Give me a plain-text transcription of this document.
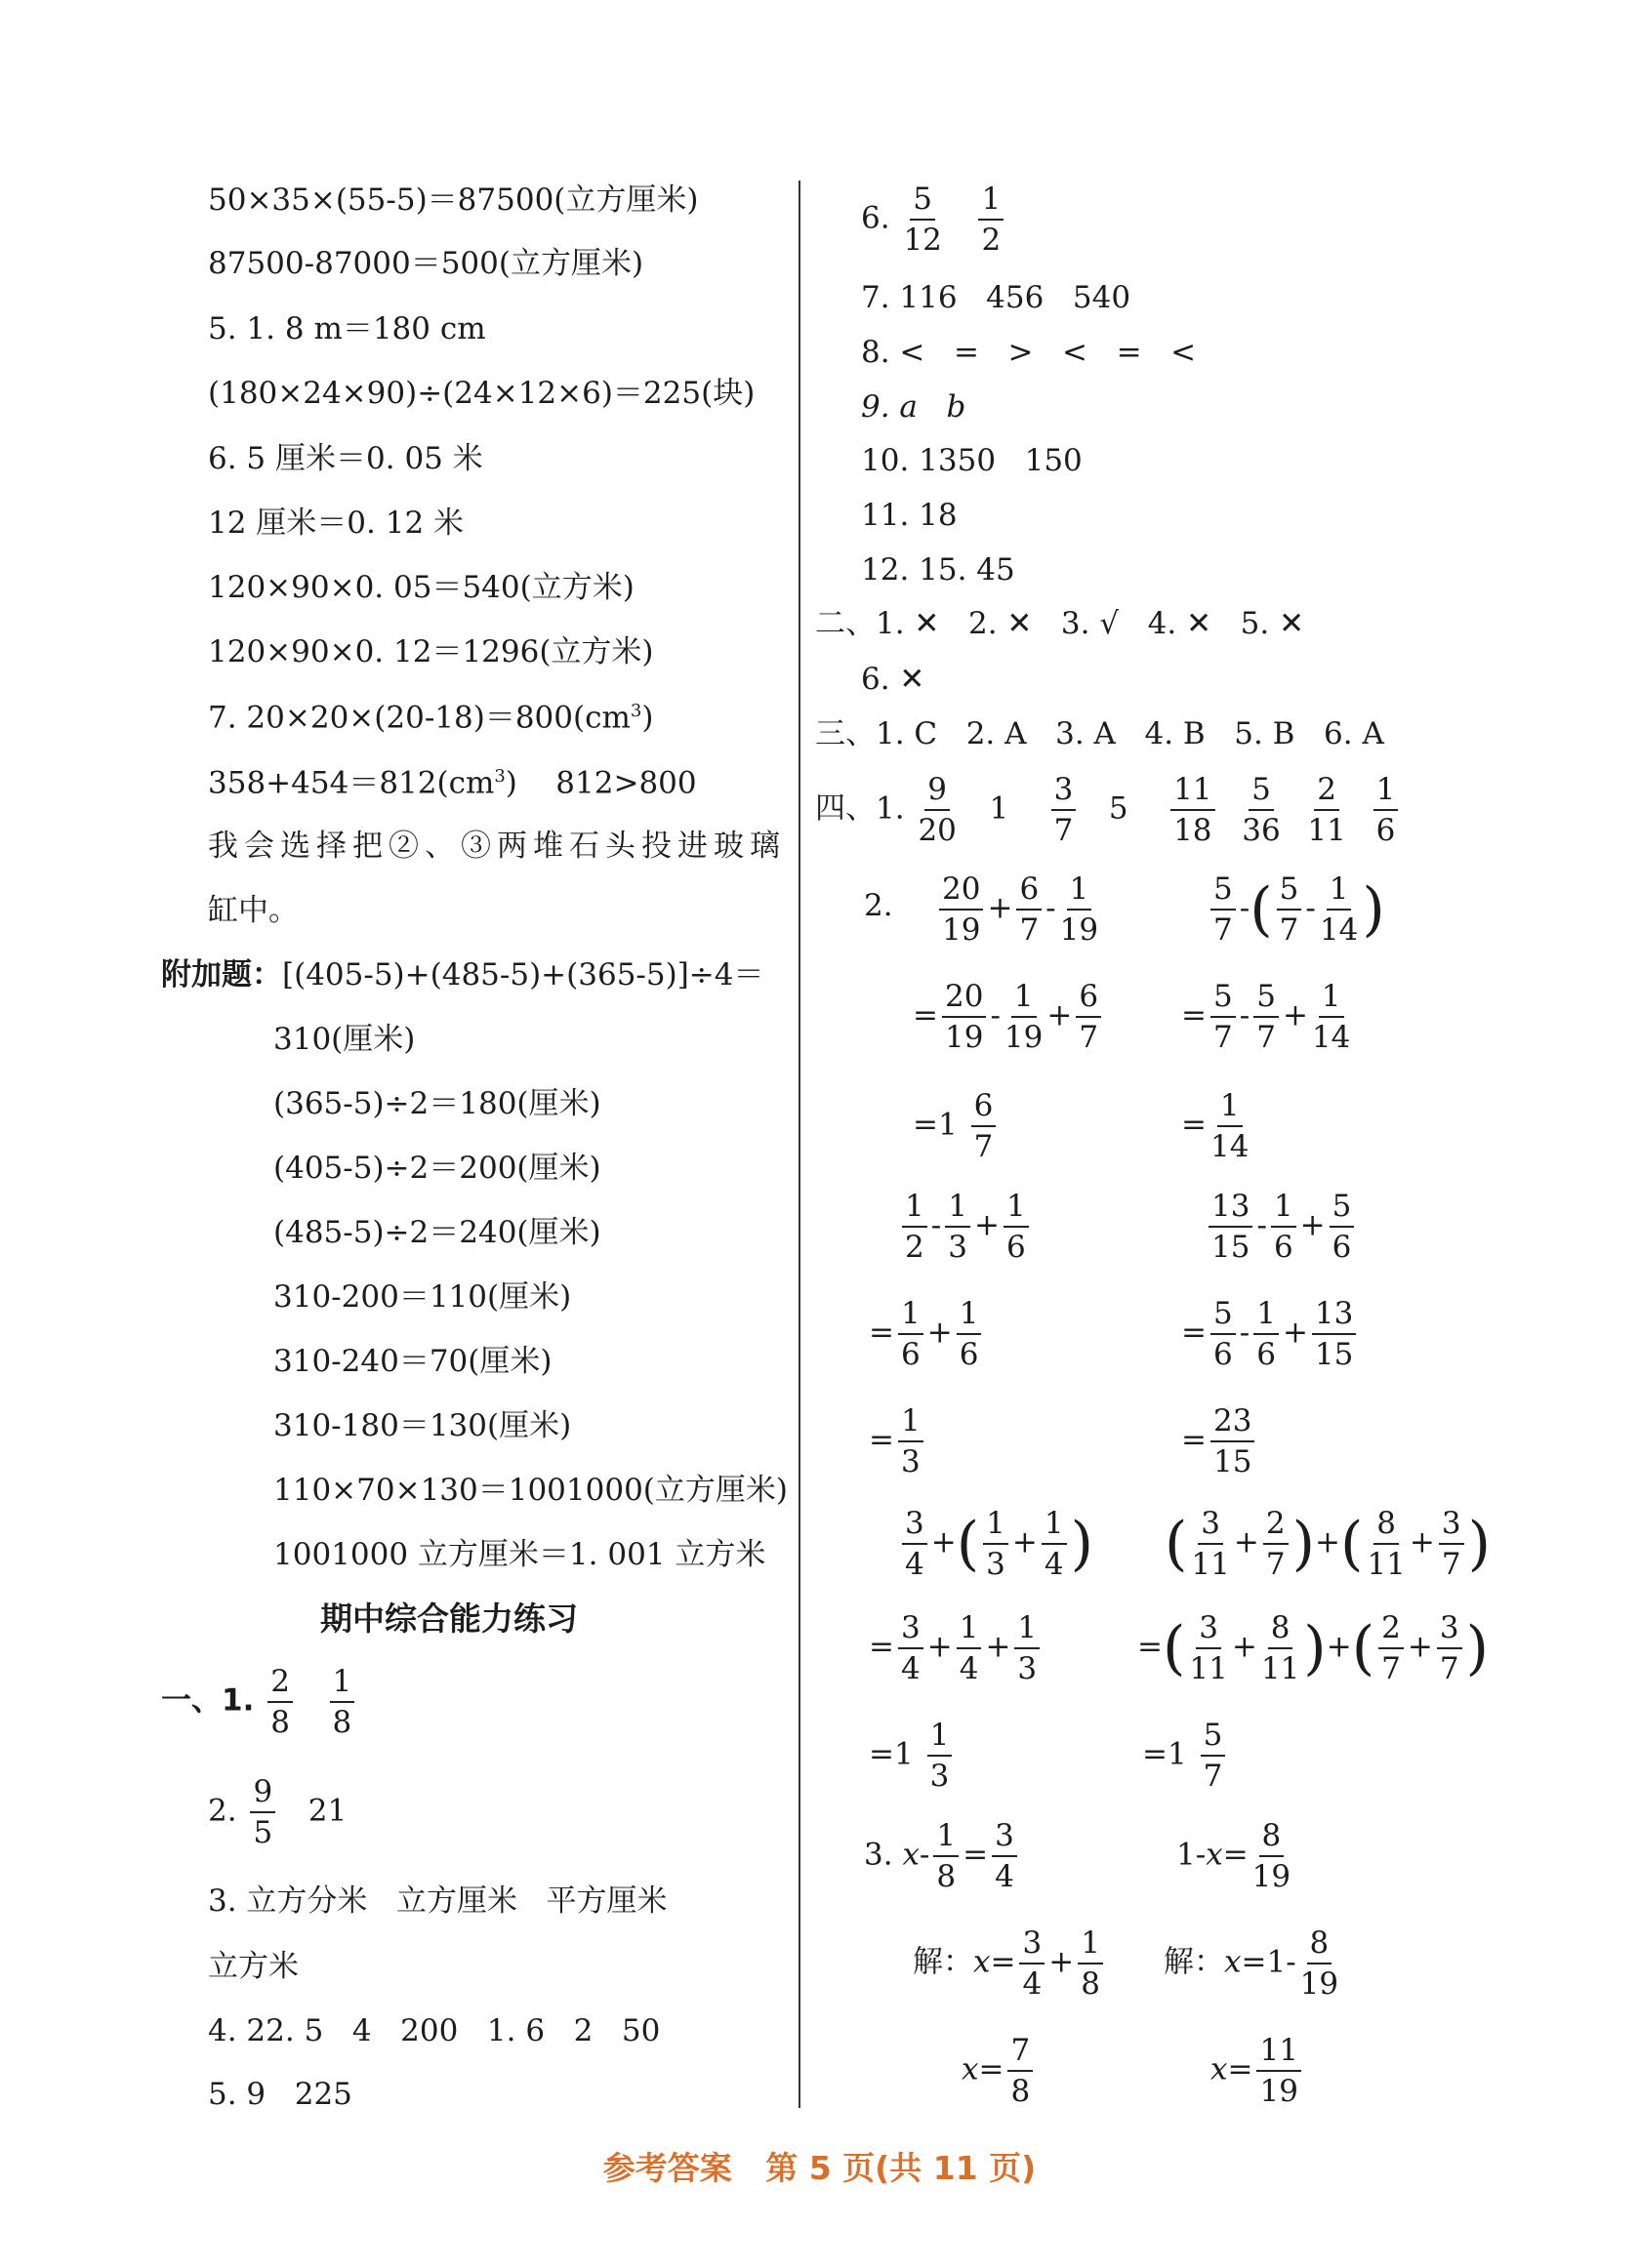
50×35×(55-5)＝87500(立方厘米)
87500-87000＝500(立方厘米)
5. 1. 8 m＝180 cm
(180×24×90)÷(24×12×6)＝225(块)
6. 5 厘米＝0. 05 米
12 厘米＝0. 12 米
120×90×0. 05＝540(立方米)
120×90×0. 12＝1296(立方米)
7. $20\times 20\times(20-18)=800(cm^3)$
$358+454=812(cm^3)$    812>800
我会选择把②、③两堆石头投进玻璃
缸中。
附加题：[(405-5)+(485-5)+(365-5)]÷4＝
310(厘米)
(365-5)÷2＝180(厘米)
(405-5)÷2＝200(厘米)
(485-5)÷2＝240(厘米)
310-200＝110(厘米)
310-240＝70(厘米)
310-180＝130(厘米)
110×70×130＝1001000(立方厘米)
1001000 立方厘米＝1. 001 立方米
期中综合能力练习
一、1. $\frac{2}{8}$
$\frac{1}{8}$
2. $\frac{9}{5} 21$
3. 立方分米   立方厘米   平方厘米
立方米
4. 22. 5   4   200   1. 6   2   50
5. 9   225
6. $\frac{5}{12}$
$\frac{1}{2}$
7. 116   456   540
8. <   =   >   <   =   <
9. a   b
10. 1350   150
11. 18
12. 15. 45
二、1. ✕   2. ✕   3. √   4. ✕   5. ✕
6. ✕
三、1. C   2. A   3. A   4. B   5. B   6. A
四、1. $\frac{9}{20} 1 \frac{3}{7} 5 \frac{11}{18}$
$\frac{5}{36}$
$\frac{2}{11}$
$\frac{1}{6}$
2. $\frac{20}{19} + \frac{6}{7} - \frac{1}{19}$	$\frac{5}{7}$ -( $\frac{5}{7} - \frac{1}{14}$ )
= $\frac{20}{19} - \frac{1}{19} + \frac{6}{7}$	= $\frac{5}{7} - \frac{5}{7} + \frac{1}{14}$
$=1 \frac{6}{7}$	= $\frac{1}{14}$
$\frac{1}{2} - \frac{1}{3} + \frac{1}{6}$	$\frac{13}{15} - \frac{1}{6} + \frac{5}{6}$
= $\frac{1}{6} + \frac{1}{6}$	= $\frac{5}{6} - \frac{1}{6} + \frac{13}{15}$
= $\frac{1}{3}$	= $\frac{23}{15}$
$\frac{3}{4}$ +( $\frac{1}{3} + \frac{1}{4}$ ) ( $\frac{3}{11} + \frac{2}{7}$ )+( $\frac{8}{11} + \frac{3}{7}$ )
= $\frac{3}{4} + \frac{1}{4} + \frac{1}{3}$	=( $\frac{3}{11} + \frac{8}{11}$ )+( $\frac{2}{7} + \frac{3}{7}$ )
$=1 \frac{1}{3}$	$=1 \frac{5}{7}$
3. $x- \frac{1}{8} = \frac{3}{4}$	$1-x= \frac{8}{19}$
解：$x= \frac{3}{4} + \frac{1}{8}$ 解：$x=1- \frac{8}{19}$
$x= \frac{7}{8}$	$x= \frac{11}{19}$
参考答案   第 5 页(共 11 页)
